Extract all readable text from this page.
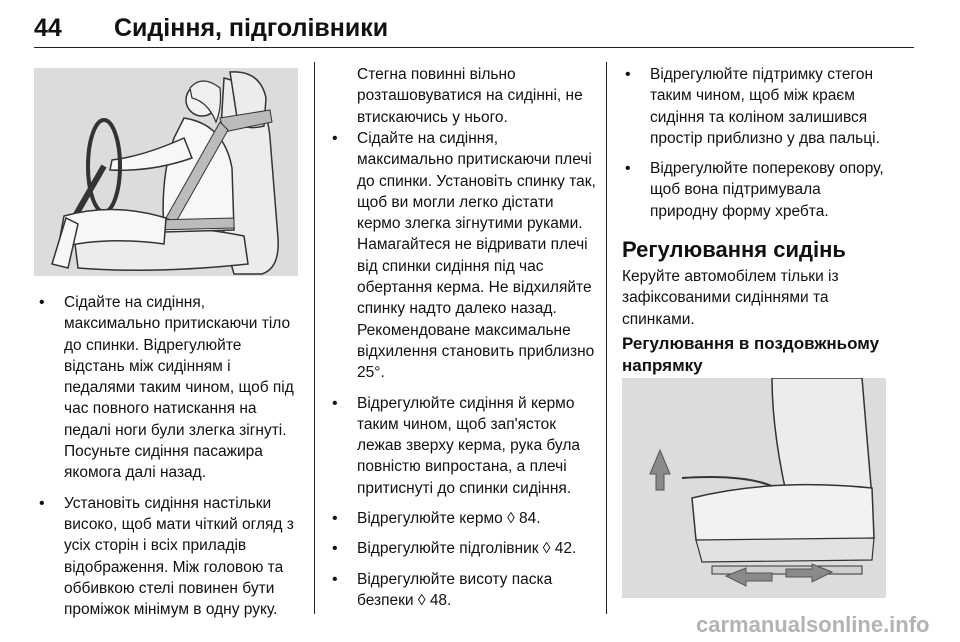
44 Сидіння, підголівники
• Сідайте на сидіння, максимально притискаючи тіло до спинки. Відрегулюйте відстань між сидінням і педалями таким чином, щоб під час повного натискання на педалі ноги були злегка зігнуті. Посуньте сидіння пасажира якомога далі назад.
• Установіть сидіння настільки високо, щоб мати чіткий огляд з усіх сторін і всіх приладів відображення. Між головою та оббивкою стелі повинен бути проміжок мінімум в одну руку.

Стегна повинні вільно розташовуватися на сидінні, не втискаючись у нього.

• Сідайте на сидіння, максимально притискаючи плечі до спинки. Установіть спинку так, щоб ви могли легко дістати кермо злегка зігнутими руками. Намагайтеся не відривати плечі від спинки сидіння під час обертання керма. Не відхиляйте спинку надто далеко назад. Рекомендоване максимальне відхилення становить приблизно 25°.
• Відрегулюйте сидіння й кермо таким чином, щоб зап'ясток лежав зверху керма, рука була повністю випростана, а плечі притиснуті до спинки сидіння.
• Відрегулюйте кермо ◊ 84.
• Відрегулюйте підголівник ◊ 42.
• Відрегулюйте висоту паска безпеки ◊ 48.
• Відрегулюйте підтримку стегон таким чином, щоб між краєм сидіння та коліном залишився простір приблизно у два пальці.
• Відрегулюйте поперекову опору, щоб вона підтримувала природну форму хребта.
Регулювання сидінь

Керуйте автомобілем тільки із зафіксованими сидіннями та спинками.

Регулювання в поздовжньому напрямку
carmanualsonline.info
